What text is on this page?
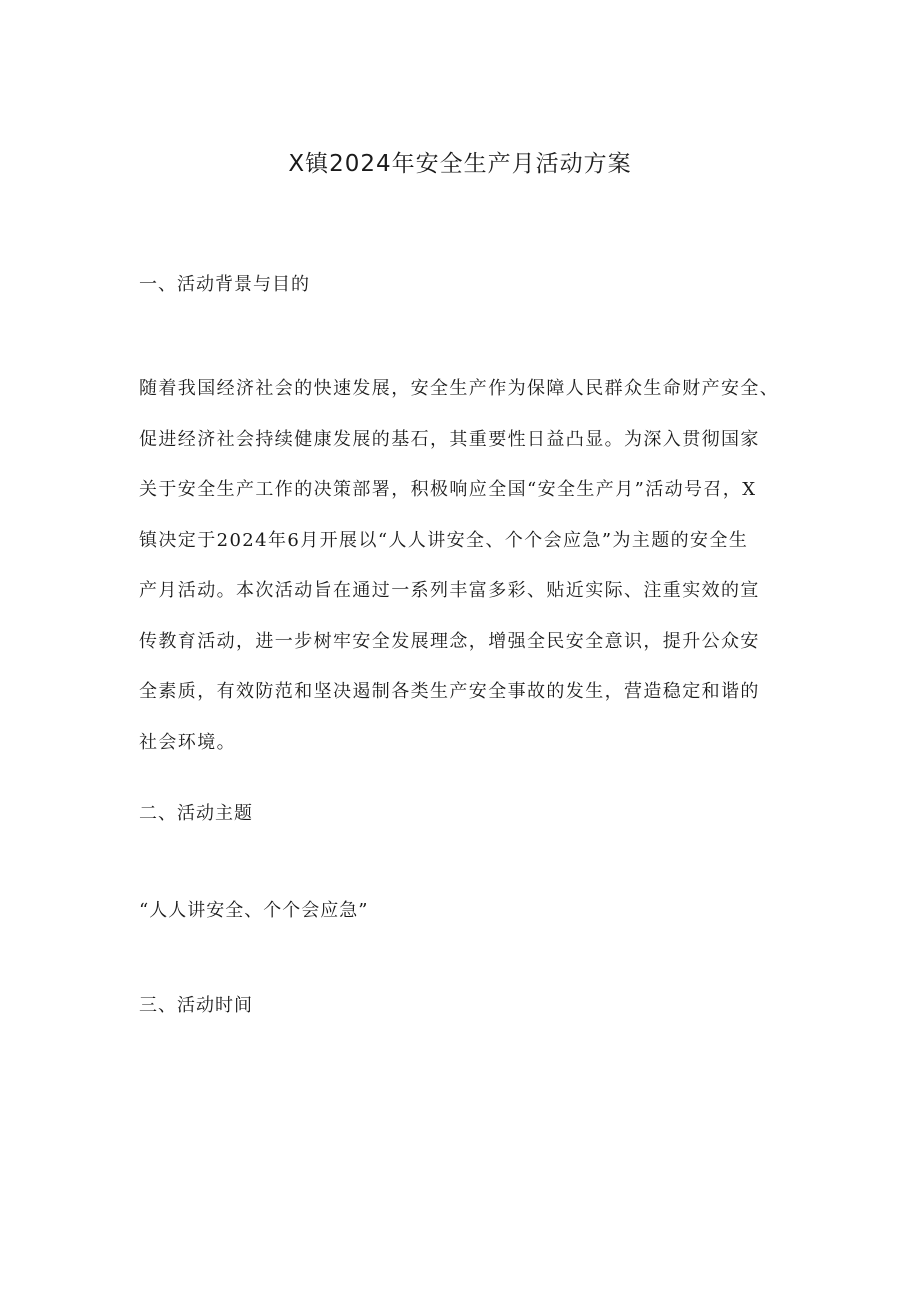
X镇2024年安全生产月活动方案
一、活动背景与目的

随着我国经济社会的快速发展，安全生产作为保障人民群众生命财产安全、
促进经济社会持续健康发展的基石，其重要性日益凸显。为深入贯彻国家
关于安全生产工作的决策部署，积极响应全国“安全生产月”活动号召，X
镇决定于2024年6月开展以“人人讲安全、个个会应急”为主题的安全生
产月活动。本次活动旨在通过一系列丰富多彩、贴近实际、注重实效的宣
传教育活动，进一步树牢安全发展理念，增强全民安全意识，提升公众安
全素质，有效防范和坚决遏制各类生产安全事故的发生，营造稳定和谐的
社会环境。

二、活动主题

“人人讲安全、个个会应急”

三、活动时间
